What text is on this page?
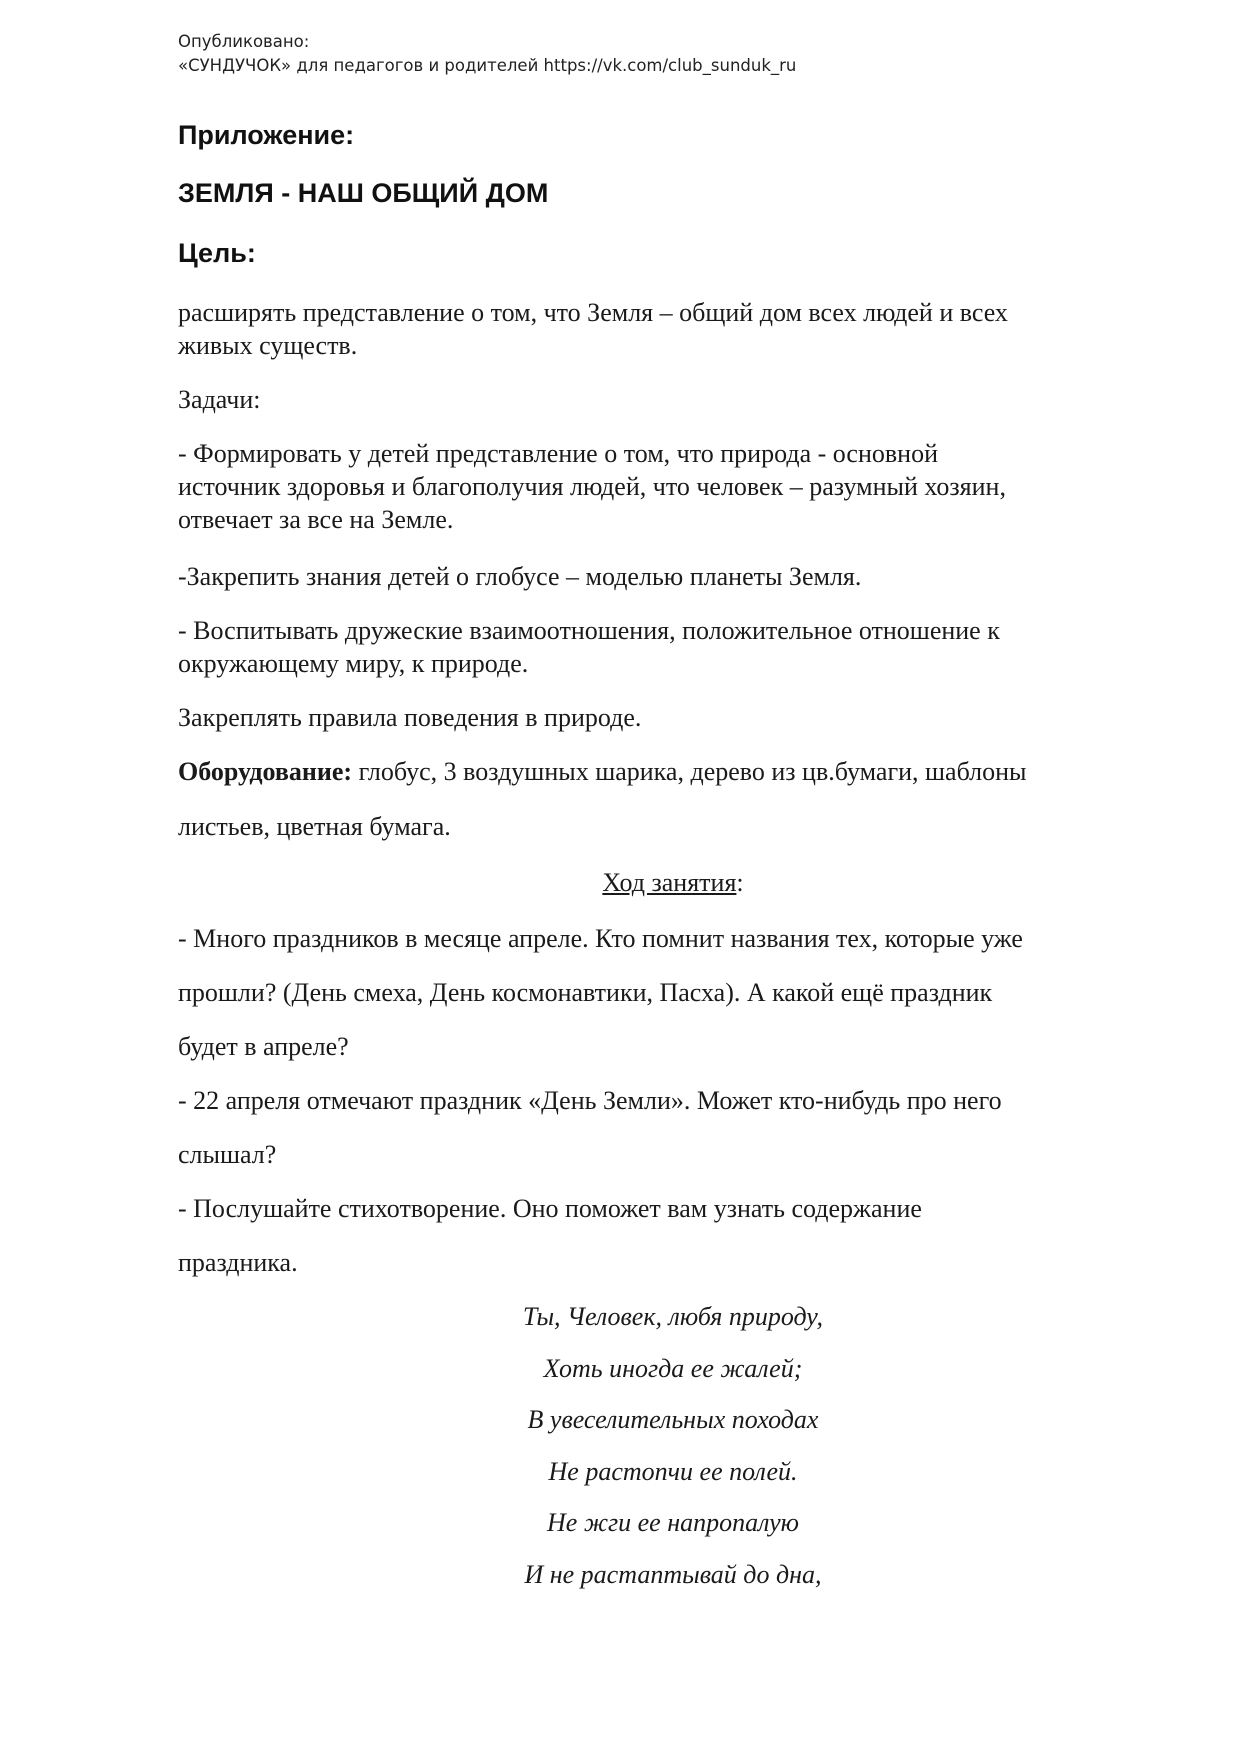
Опубликовано:
«СУНДУЧОК» для педагогов и родителей https://vk.com/club_sunduk_ru
Приложение:
ЗЕМЛЯ - НАШ ОБЩИЙ ДОМ
Цель:
расширять представление о том, что Земля – общий дом всех людей и всех
живых существ.
Задачи:
- Формировать у детей представление о том, что природа - основной
источник здоровья и благополучия людей, что человек – разумный хозяин,
отвечает за все на Земле.
-Закрепить знания детей о глобусе – моделью планеты Земля.
- Воспитывать дружеские взаимоотношения, положительное отношение к
окружающему миру, к природе.
Закреплять правила поведения в природе.
Оборудование: глобус, 3 воздушных шарика, дерево из цв.бумаги, шаблоны
листьев, цветная бумага.
Ход занятия:
- Много праздников в месяце апреле. Кто помнит названия тех, которые уже
прошли? (День смеха, День космонавтики, Пасха). А какой ещё праздник
будет в апреле?
- 22 апреля отмечают праздник «День Земли». Может кто-нибудь про него
слышал?
- Послушайте стихотворение. Оно поможет вам узнать содержание
праздника.
Ты, Человек, любя природу,
Хоть иногда ее жалей;
В увеселительных походах
Не растопчи ее полей.
Не жги ее напропалую
И не растаптывай до дна,
